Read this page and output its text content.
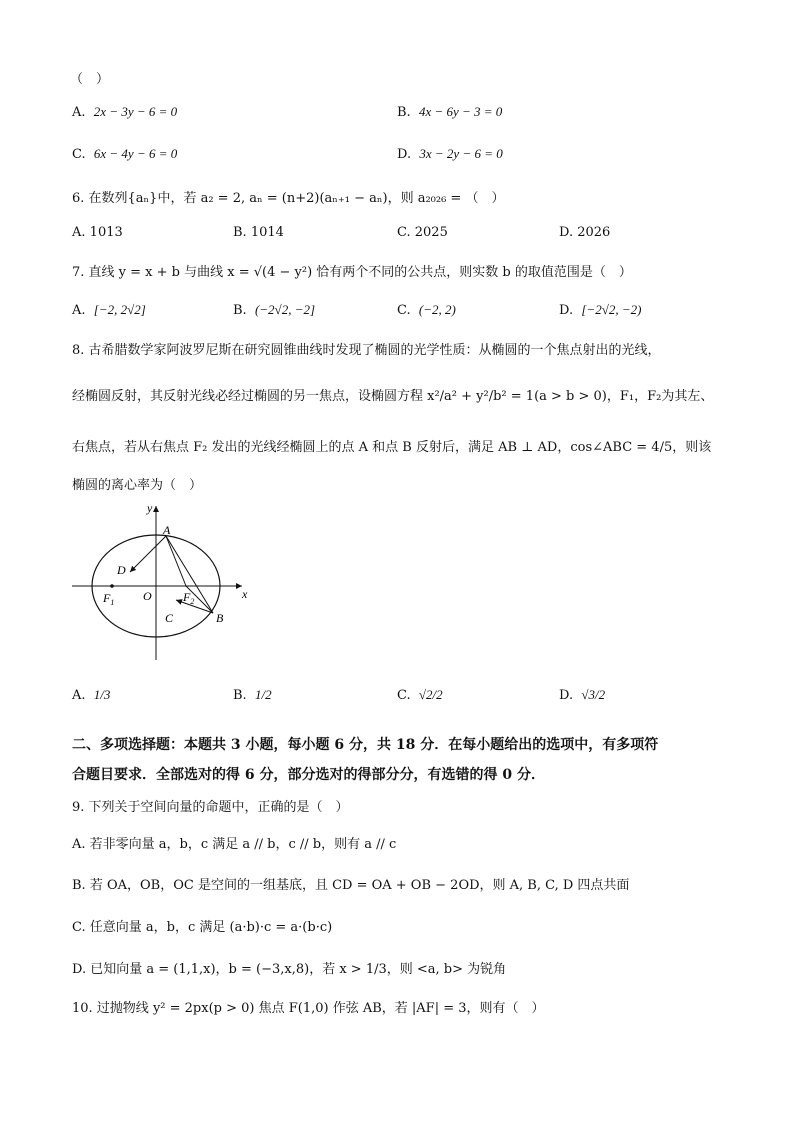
（　）
A. 2x − 3y − 6 = 0	B. 4x − 6y − 3 = 0
C. 6x − 4y − 6 = 0	D. 3x − 2y − 6 = 0
6. 在数列{aₙ}中，若 a₂ = 2, aₙ = (n+2)(aₙ₊₁ − aₙ)，则 a₂₀₂₆ = （　）
A. 1013	B. 1014	C. 2025	D. 2026
7. 直线 y = x + b 与曲线 x = √(4 − y²) 恰有两个不同的公共点，则实数 b 的取值范围是（　）
A. [−2, 2√2]	B. (−2√2, −2]	C. (−2, 2)	D. [−2√2, −2)
8. 古希腊数学家阿波罗尼斯在研究圆锥曲线时发现了椭圆的光学性质：从椭圆的一个焦点射出的光线，
经椭圆反射，其反射光线必经过椭圆的另一焦点，设椭圆方程 x²/a² + y²/b² = 1(a > b > 0)，F₁，F₂为其左、
右焦点，若从右焦点 F₂ 发出的光线经椭圆上的点 A 和点 B 反射后，满足 AB ⊥ AD，cos∠ABC = 4/5，则该
椭圆的离心率为（　）
y
x
A
D
O
$F_1$	$F_2$
C	B
A. 1/3	B. 1/2	C. √2/2	D. √3/2
二、多项选择题：本题共 3 小题，每小题 6 分，共 18 分．在每小题给出的选项中，有多项符
合题目要求．全部选对的得 6 分，部分选对的得部分分，有选错的得 0 分．
9. 下列关于空间向量的命题中，正确的是（　）
A. 若非零向量 a，b，c 满足 a // b，c // b，则有 a // c
B. 若 OA，OB，OC 是空间的一组基底，且 CD = OA + OB − 2OD，则 A, B, C, D 四点共面
C. 任意向量 a，b，c 满足 (a·b)·c = a·(b·c)
D. 已知向量 a = (1,1,x)，b = (−3,x,8)，若 x > 1/3，则 <a, b> 为锐角
10. 过抛物线 y² = 2px(p > 0) 焦点 F(1,0) 作弦 AB，若 |AF| = 3，则有（　）
